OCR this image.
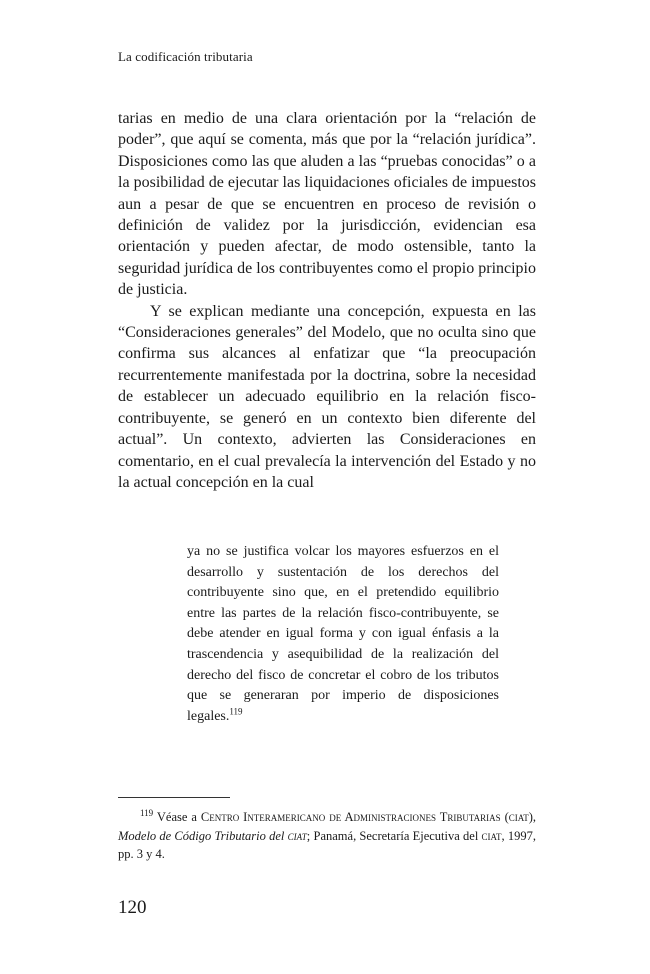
La codificación tributaria

tarias en medio de una clara orientación por la “relación de poder”, que aquí se comenta, más que por la “relación jurídica”. Disposiciones como las que aluden a las “pruebas conocidas” o a la posibilidad de ejecutar las liquidaciones oficiales de impuestos aun a pesar de que se encuentren en proceso de revisión o definición de validez por la jurisdicción, evidencian esa orientación y pueden afectar, de modo ostensible, tanto la seguridad jurídica de los contribuyentes como el propio principio de justicia.

Y se explican mediante una concepción, expuesta en las “Consideraciones generales” del Modelo, que no oculta sino que confirma sus alcances al enfatizar que “la preocupación recurrentemente manifestada por la doctrina, sobre la necesidad de establecer un adecuado equilibrio en la relación fisco-contribuyente, se generó en un contexto bien diferente del actual”. Un contexto, advierten las Consideraciones en comentario, en el cual prevalecía la intervención del Estado y no la actual concepción en la cual

ya no se justifica volcar los mayores esfuerzos en el desarrollo y sustentación de los derechos del contribuyente sino que, en el pretendido equilibrio entre las partes de la relación fisco-contribuyente, se debe atender en igual forma y con igual énfasis a la trascendencia y asequibilidad de la realización del derecho del fisco de concretar el cobro de los tributos que se generaran por imperio de disposiciones legales.$^{119}$

$^{119}$ Véase a Centro Interamericano de Administraciones Tributarias (ciat), Modelo de Código Tributario del ciat; Panamá, Secretaría Ejecutiva del ciat, 1997, pp. 3 y 4.

120
